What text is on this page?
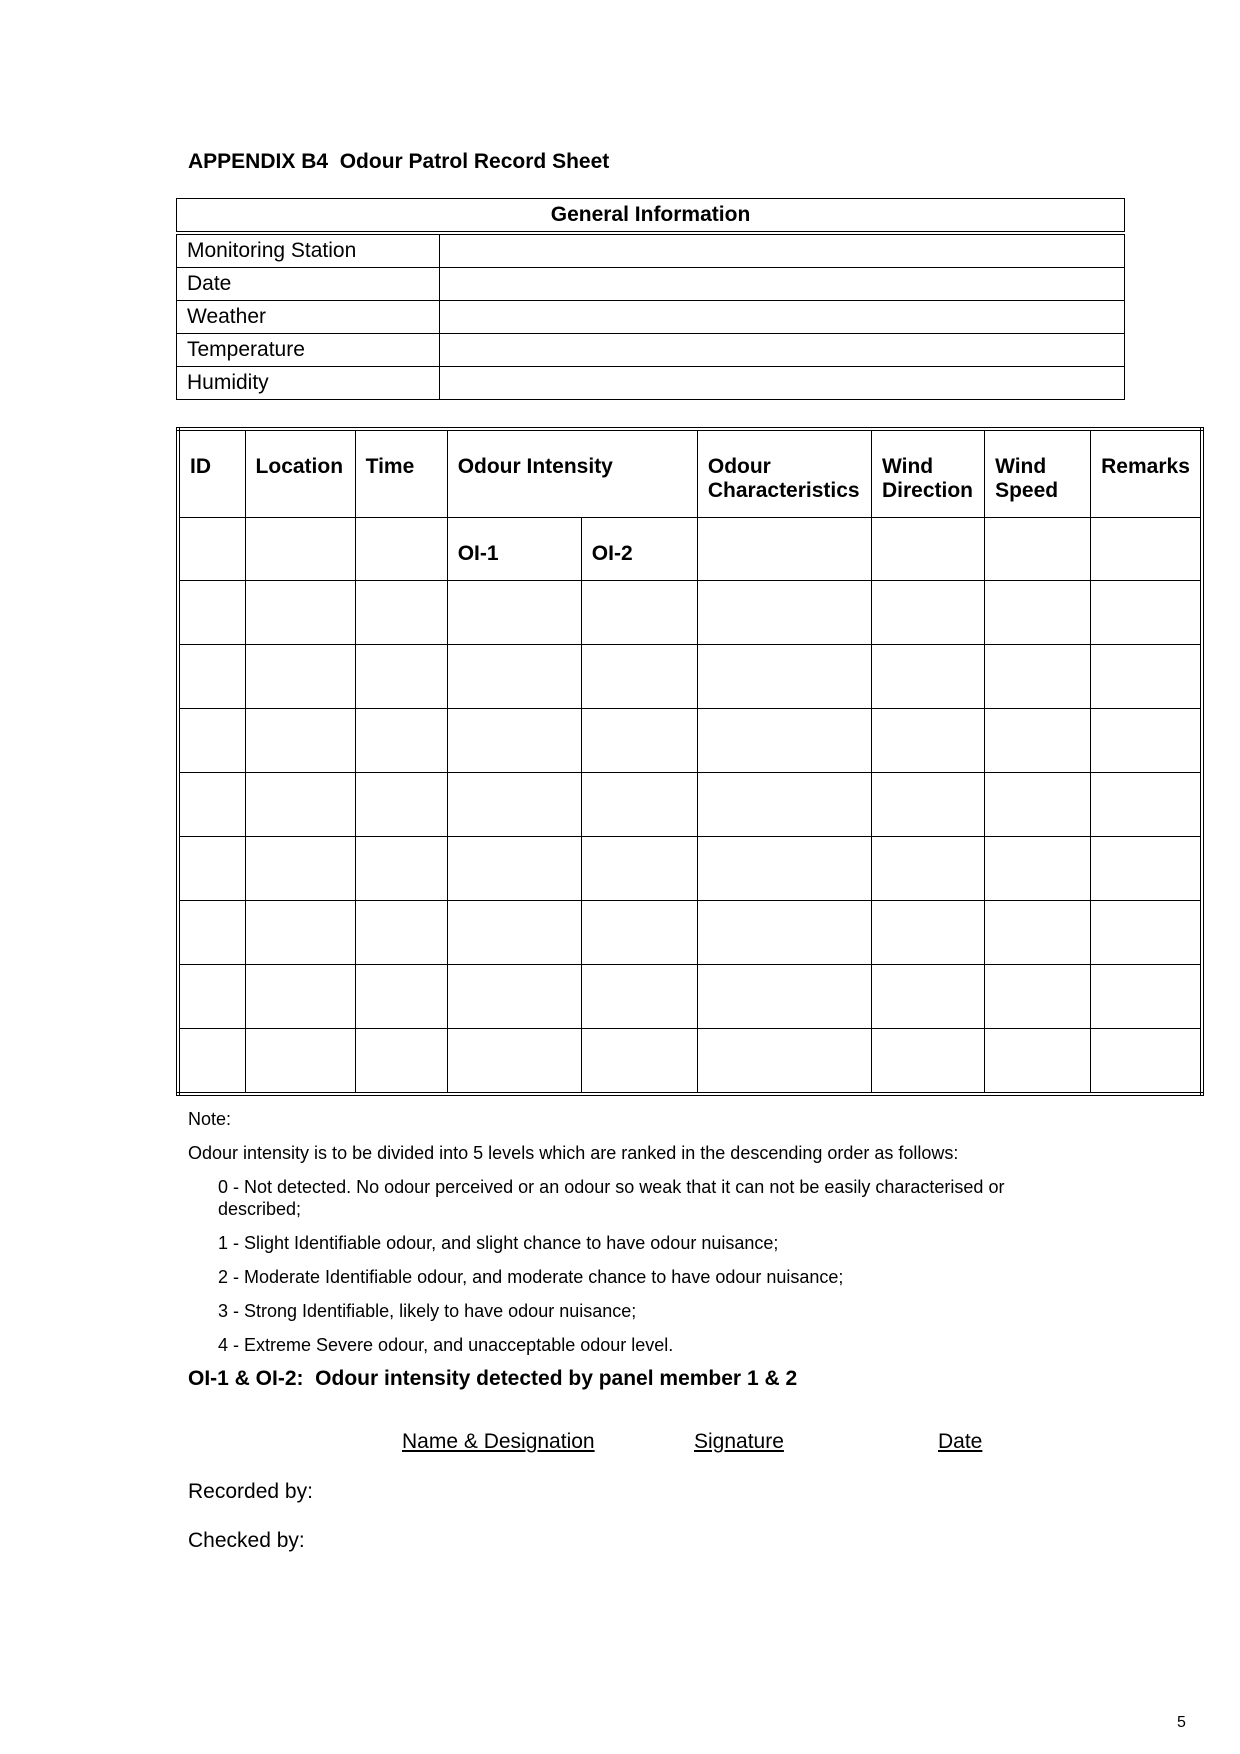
APPENDIX B4  Odour Patrol Record Sheet
General Information	
Monitoring Station	
Date	
Weather	
Temperature	
Humidity	
ID	Location	Time	Odour Intensity		Odour Characteristics	Wind Direction	Wind Speed	Remarks
			OI-1	OI-2				

Note:

Odour intensity is to be divided into 5 levels which are ranked in the descending order as follows:

0 - Not detected. No odour perceived or an odour so weak that it can not be easily characterised or described;

1 - Slight Identifiable odour, and slight chance to have odour nuisance;

2 - Moderate Identifiable odour, and moderate chance to have odour nuisance;

3 - Strong Identifiable, likely to have odour nuisance;

4 - Extreme Severe odour, and unacceptable odour level.

OI-1 & OI-2:  Odour intensity detected by panel member 1 & 2

Name & Designation	Signature	Date
Recorded by:
Checked by:
5
